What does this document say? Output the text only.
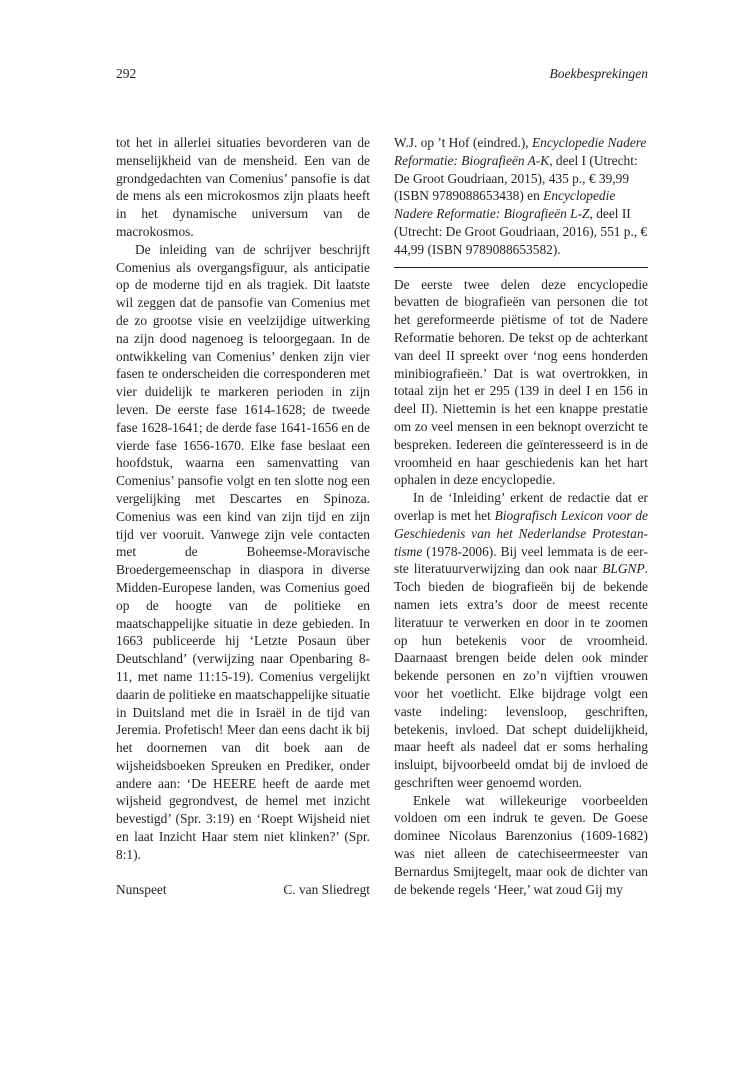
292	Boekbesprekingen

tot het in allerlei situaties bevorderen van de menselijkheid van de mensheid. Een van de grondgedachten van Comenius’ pansofie is dat de mens als een microkosmos zijn plaats heeft in het dynamische universum van de macrokosmos.

De inleiding van de schrijver beschrijft Comenius als overgangsfiguur, als anticipatie op de moderne tijd en als tragiek. Dit laatste wil zeggen dat de pansofie van Comenius met de zo grootse visie en veelzijdige uitwerking na zijn dood nagenoeg is teloorgegaan. In de ontwikkeling van Comenius’ denken zijn vier fasen te onderscheiden die corresponderen met vier duidelijk te markeren perioden in zijn leven. De eerste fase 1614-1628; de tweede fase 1628-1641; de derde fase 1641-1656 en de vierde fase 1656-1670. Elke fase beslaat een hoofdstuk, waarna een samenvatting van Comenius’ pansofie volgt en ten slotte nog een vergelijking met Descartes en Spinoza. Comenius was een kind van zijn tijd en zijn tijd ver vooruit. Vanwege zijn vele contacten met de Boheemse-Moravische Broedergemeenschap in diaspora in diverse Midden-Europese landen, was Comenius goed op de hoogte van de politieke en maatschappelijke situatie in deze gebieden. In 1663 publiceerde hij ‘Letzte Posaun über Deutschland’ (verwijzing naar Openbaring 8-11, met name 11:15-19). Comenius vergelijkt daarin de politieke en maatschappelijke situatie in Duitsland met die in Israël in de tijd van Jeremia. Profetisch! Meer dan eens dacht ik bij het doornemen van dit boek aan de wijsheidsboeken Spreuken en Prediker, onder andere aan: ‘De HEERE heeft de aarde met wijsheid gegrondvest, de hemel met inzicht bevestigd’ (Spr. 3:19) en ‘Roept Wijsheid niet en laat Inzicht Haar stem niet klinken?’ (Spr. 8:1).

Nunspeet	C. van Sliedregt

W.J. op ’t Hof (eindred.), Encyclopedie Nadere Reformatie: Biografieën A-K, deel I (Utrecht: De Groot Goudriaan, 2015), 435 p., € 39,99 (ISBN 9789088653438) en Encyclopedie Nadere Reformatie: Biografieën L-Z, deel II (Utrecht: De Groot Goudriaan, 2016), 551 p., € 44,99 (ISBN 9789088653582).

De eerste twee delen deze encyclopedie bevatten de biografieën van personen die tot het gereformeerde piëtisme of tot de Nadere Reformatie behoren. De tekst op de achterkant van deel II spreekt over ‘nog eens honderden minibiografieën.’ Dat is wat overtrokken, in totaal zijn het er 295 (139 in deel I en 156 in deel II). Niettemin is het een knappe prestatie om zo veel mensen in een beknopt overzicht te bespreken. Iedereen die geïnteresseerd is in de vroomheid en haar geschiedenis kan het hart ophalen in deze encyclopedie.

In de ‘Inleiding’ erkent de redactie dat er overlap is met het Biografisch Lexicon voor de Geschiedenis van het Nederlandse Protestantisme (1978-2006). Bij veel lemmata is de eerste literatuurverwijzing dan ook naar BLGNP. Toch bieden de biografieën bij de bekende namen iets extra’s door de meest recente literatuur te verwerken en door in te zoomen op hun betekenis voor de vroomheid. Daarnaast brengen beide delen ook minder bekende personen en zo’n vijftien vrouwen voor het voetlicht. Elke bijdrage volgt een vaste indeling: levensloop, geschriften, betekenis, invloed. Dat schept duidelijkheid, maar heeft als nadeel dat er soms herhaling insluipt, bijvoorbeeld omdat bij de invloed de geschriften weer genoemd worden.

Enkele wat willekeurige voorbeelden voldoen om een indruk te geven. De Goese dominee Nicolaus Barenzonius (1609-1682) was niet alleen de catechiseermeester van Bernardus Smijtegelt, maar ook de dichter van de bekende regels ‘Heer,’ wat zoud Gij my
